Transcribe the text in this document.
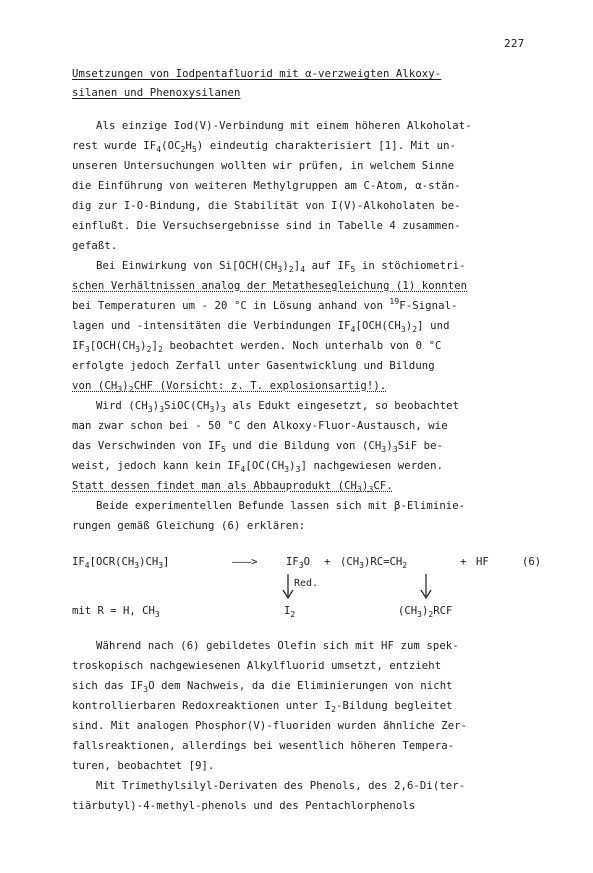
227
Umsetzungen von Iodpentafluorid mit α-verzweigten Alkoxy-
silanen und Phenoxysilanen
Als einzige Iod(V)-Verbindung mit einem höheren Alkoholat-
rest wurde $IF_4(OC_2H_5)$ eindeutig charakterisiert [1]. Mit un-
unseren Untersuchungen wollten wir prüfen, in welchem Sinne
die Einführung von weiteren Methylgruppen am C-Atom, α-stän-
dig zur I-O-Bindung, die Stabilität von I(V)-Alkoholaten be-
einflußt. Die Versuchsergebnisse sind in Tabelle 4 zusammen-
gefaßt.
Bei Einwirkung von $Si[OCH(CH_3)_2]_4$ auf $IF_5$ in stöchiometri-
schen Verhältnissen analog der Metathesegleichung (1) konnten
bei Temperaturen um - 20 °C in Lösung anhand von $^{19}$F-Signal-
lagen und -intensitäten die Verbindungen $IF_4[OCH(CH_3)_2]$ und
$IF_3[OCH(CH_3)_2]_2$ beobachtet werden. Noch unterhalb von 0 °C
erfolgte jedoch Zerfall unter Gasentwicklung und Bildung
von $(CH_3)_2CHF$ (Vorsicht: z. T. explosionsartig!).
Wird $(CH_3)_3SiOC(CH_3)_3$ als Edukt eingesetzt, so beobachtet
man zwar schon bei - 50 °C den Alkoxy-Fluor-Austausch, wie
das Verschwinden von $IF_5$ und die Bildung von $(CH_3)_3SiF$ be-
weist, jedoch kann kein $IF_4[OC(CH_3)_3]$ nachgewiesen werden.
Statt dessen findet man als Abbauprodukt $(CH_3)_3CF$.
Beide experimentellen Befunde lassen sich mit β-Eliminie-
rungen gemäß Gleichung (6) erklären:
$IF_4[OCR(CH_3)CH_3]$	———>	$IF_3O + (CH_3)RC=CH_2$	+ HF	(6)
Red.
mit R = H, $CH_3$	$I_2$	$(CH_3)_2RCF$
Während nach (6) gebildetes Olefin sich mit HF zum spek-
troskopisch nachgewiesenen Alkylfluorid umsetzt, entzieht
sich das $IF_3O$ dem Nachweis, da die Eliminierungen von nicht
kontrollierbaren Redoxreaktionen unter $I_2$-Bildung begleitet
sind. Mit analogen Phosphor(V)-fluoriden wurden ähnliche Zer-
fallsreaktionen, allerdings bei wesentlich höheren Tempera-
turen, beobachtet [9].
Mit Trimethylsilyl-Derivaten des Phenols, des 2,6-Di(ter-
tiärbutyl)-4-methyl-phenols und des Pentachlorphenols
